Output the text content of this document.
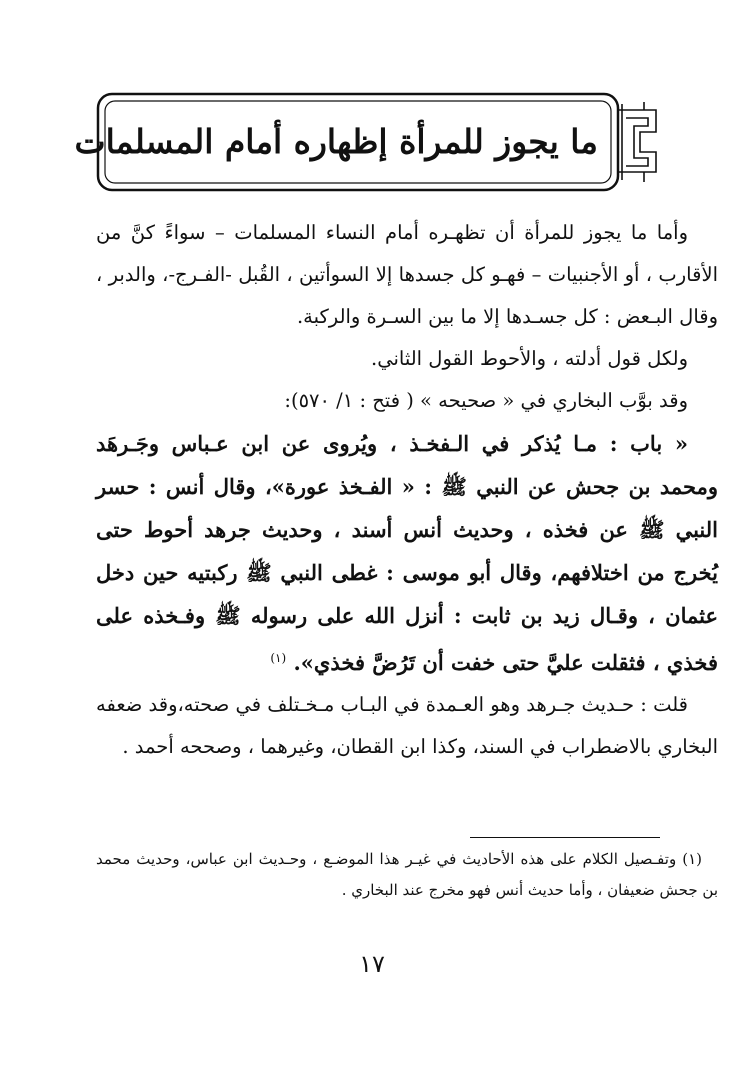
ما يجوز للمرأة إظهاره أمام المسلمات

وأما ما يجوز للمرأة أن تظهـره أمام النساء المسلمات – سواءً كنَّ من الأقارب ، أو الأجنبيات – فهـو كل جسدها إلا السوأتين ، القُبل -الفـرج-، والدبر ، وقال البـعض : كل جسـدها إلا ما بين السـرة والركبة.

ولكل قول أدلته ، والأحوط القول الثاني.

وقد بوَّب البخاري في « صحيحه » ( فتح : ١/ ٥٧٠):

« باب : مـا يُذكر في الـفخـذ ، ويُروى عن ابن عـباس وجَـرهَد ومحمد بن جحش عن النبي ﷺ : « الفـخذ عورة»، وقال أنس : حسر النبي ﷺ عن فخذه ، وحديث أنس أسند ، وحديث جرهد أحوط حتى يُخرج من اختلافهم، وقال أبو موسى : غطى النبي ﷺ ركبتيه حين دخل عثمان ، وقـال زيد بن ثابت : أنزل الله على رسوله ﷺ وفـخذه على فخذي ، فثقلت عليَّ حتى خفت أن تَرُضَّ فخذي». $^{(١)}$

قلت : حـديث جـرهد وهو العـمدة في البـاب مـخـتلف في صحته،وقد ضعفه البخاري بالاضطراب في السند، وكذا ابن القطان، وغيرهما ، وصححه أحمد .

(١) وتفـصيل الكلام على هذه الأحاديث في غيـر هذا الموضـع ، وحـديث ابن عباس، وحديث محمد بن جحش ضعيفان ، وأما حديث أنس فهو مخرج عند البخاري .

١٧
